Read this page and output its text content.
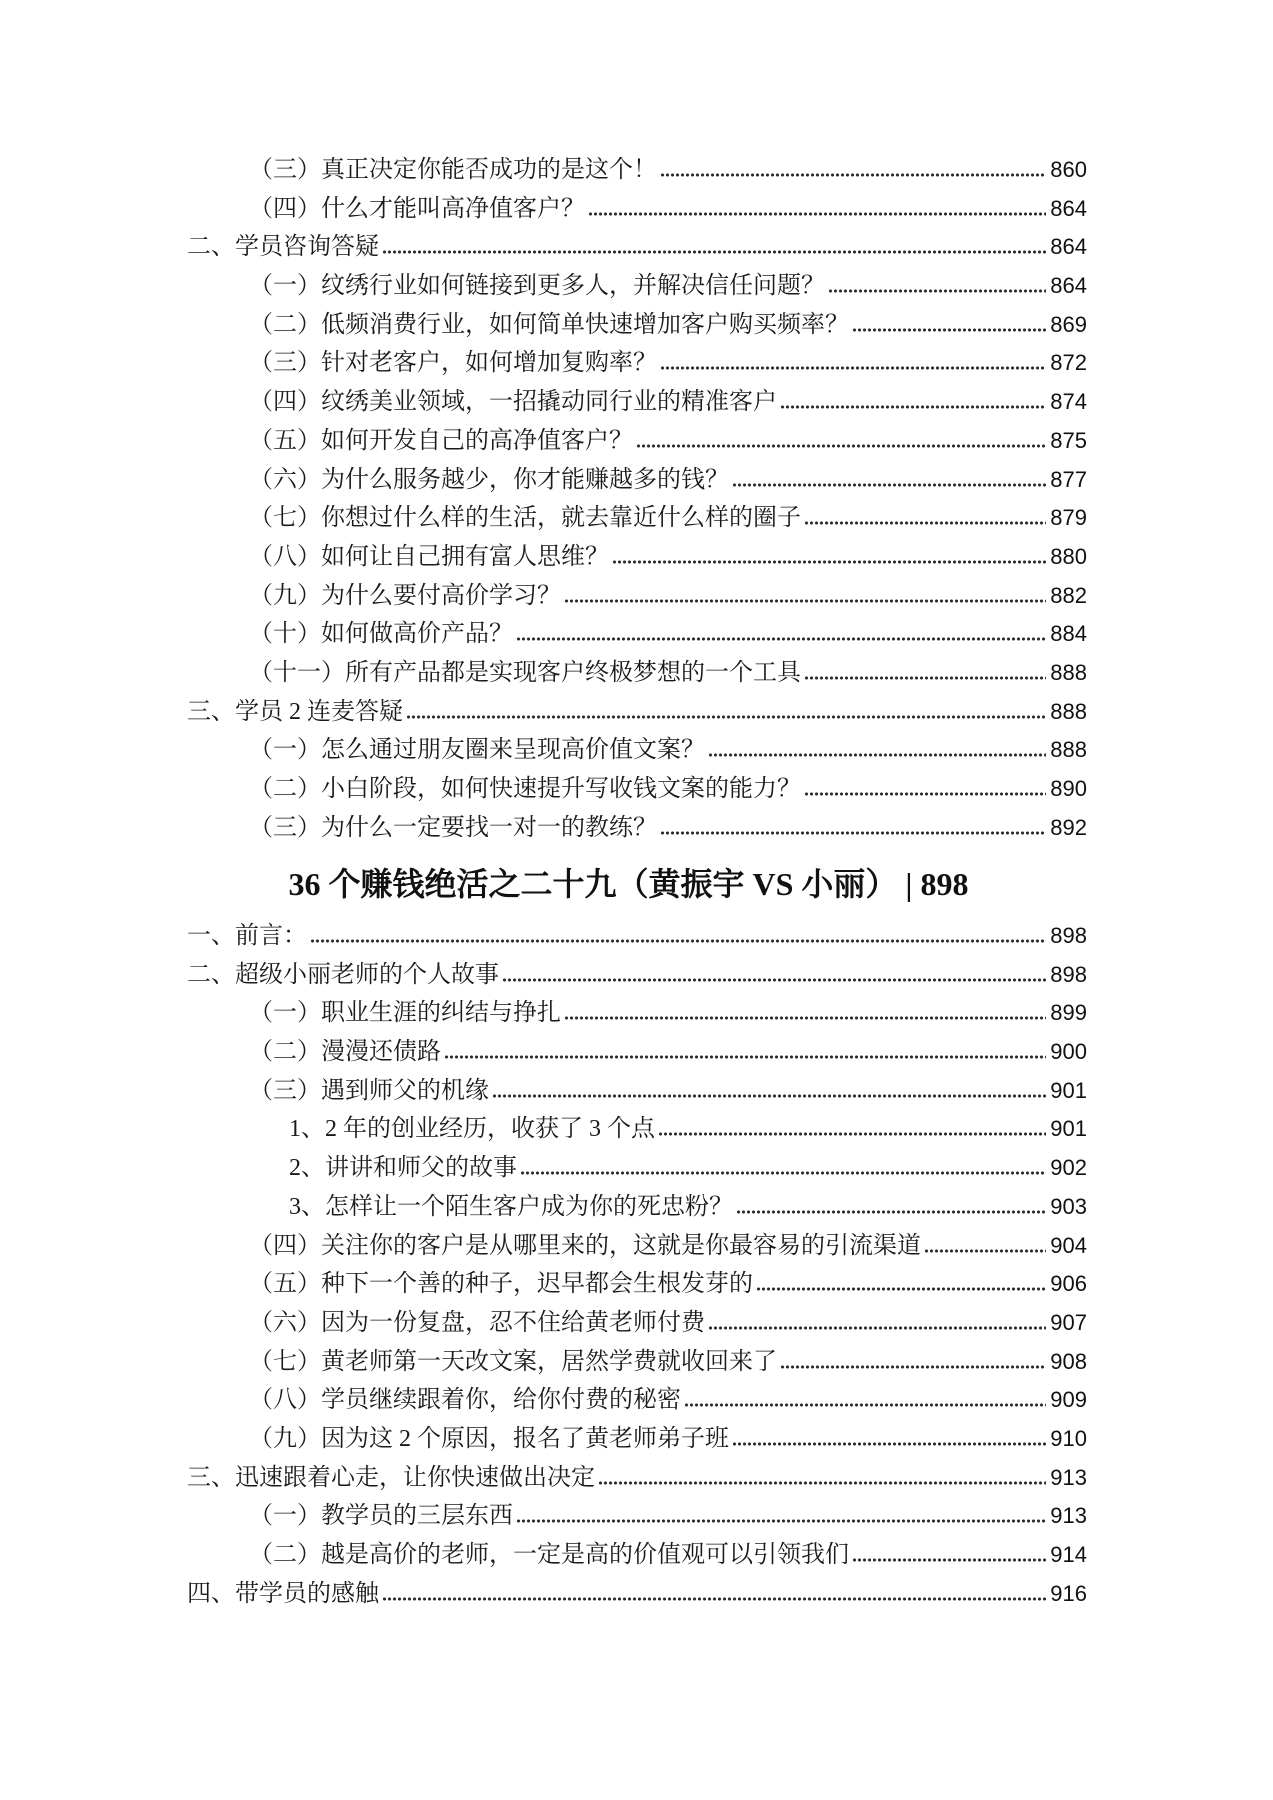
（三）真正决定你能否成功的是这个！	860
（四）什么才能叫高净值客户？	864
二、学员咨询答疑	864
（一）纹绣行业如何链接到更多人，并解决信任问题？	864
（二）低频消费行业，如何简单快速增加客户购买频率？	869
（三）针对老客户，如何增加复购率？	872
（四）纹绣美业领域，一招撬动同行业的精准客户	874
（五）如何开发自己的高净值客户？	875
（六）为什么服务越少，你才能赚越多的钱？	877
（七）你想过什么样的生活，就去靠近什么样的圈子	879
（八）如何让自己拥有富人思维？	880
（九）为什么要付高价学习？	882
（十）如何做高价产品？	884
（十一）所有产品都是实现客户终极梦想的一个工具	888
三、学员 2 连麦答疑	888
（一）怎么通过朋友圈来呈现高价值文案？	888
（二）小白阶段，如何快速提升写收钱文案的能力？	890
（三）为什么一定要找一对一的教练？	892
36 个赚钱绝活之二十九（黄振宇 VS 小丽） | 898
一、前言：	898
二、超级小丽老师的个人故事	898
（一）职业生涯的纠结与挣扎	899
（二）漫漫还债路	900
（三）遇到师父的机缘	901
1、2 年的创业经历，收获了 3 个点	901
2、讲讲和师父的故事	902
3、怎样让一个陌生客户成为你的死忠粉？	903
（四）关注你的客户是从哪里来的，这就是你最容易的引流渠道	904
（五）种下一个善的种子，迟早都会生根发芽的	906
（六）因为一份复盘，忍不住给黄老师付费	907
（七）黄老师第一天改文案，居然学费就收回来了	908
（八）学员继续跟着你，给你付费的秘密	909
（九）因为这 2 个原因，报名了黄老师弟子班	910
三、迅速跟着心走，让你快速做出决定	913
（一）教学员的三层东西	913
（二）越是高价的老师，一定是高的价值观可以引领我们	914
四、带学员的感触	916
